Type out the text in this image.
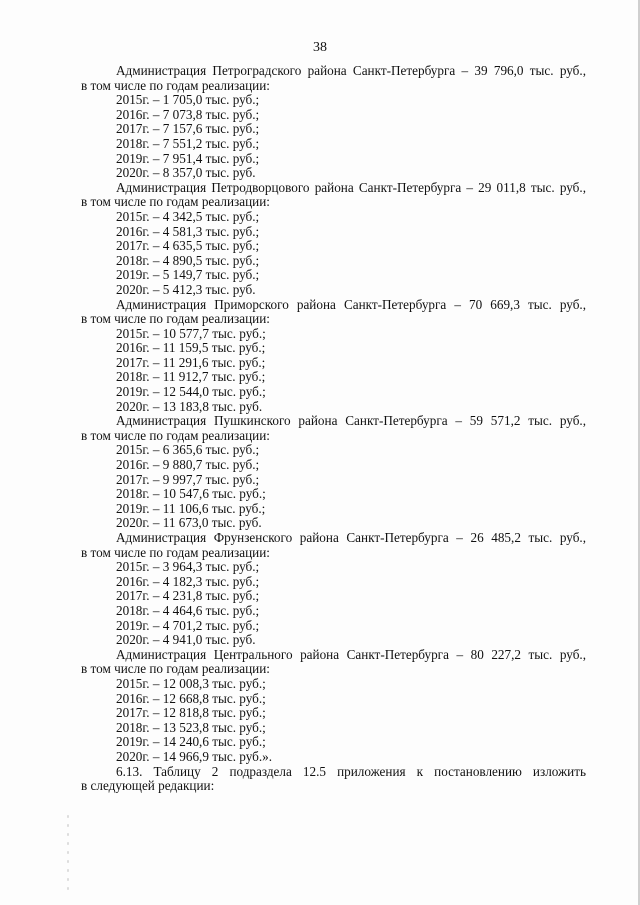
38
Администрация Петроградского района Санкт-Петербурга – 39 796,0 тыс. руб.,
в том числе по годам реализации:
2015г. – 1 705,0 тыс. руб.;
2016г. – 7 073,8 тыс. руб.;
2017г. – 7 157,6 тыс. руб.;
2018г. – 7 551,2 тыс. руб.;
2019г. – 7 951,4 тыс. руб.;
2020г. – 8 357,0 тыс. руб.
Администрация Петродворцового района Санкт-Петербурга – 29 011,8 тыс. руб.,
в том числе по годам реализации:
2015г. – 4 342,5 тыс. руб.;
2016г. – 4 581,3 тыс. руб.;
2017г. – 4 635,5 тыс. руб.;
2018г. – 4 890,5 тыс. руб.;
2019г. – 5 149,7 тыс. руб.;
2020г. – 5 412,3 тыс. руб.
Администрация Приморского района Санкт-Петербурга – 70 669,3 тыс. руб.,
в том числе по годам реализации:
2015г. – 10 577,7 тыс. руб.;
2016г. – 11 159,5 тыс. руб.;
2017г. – 11 291,6 тыс. руб.;
2018г. – 11 912,7 тыс. руб.;
2019г. – 12 544,0 тыс. руб.;
2020г. – 13 183,8 тыс. руб.
Администрация Пушкинского района Санкт-Петербурга – 59 571,2 тыс. руб.,
в том числе по годам реализации:
2015г. – 6 365,6 тыс. руб.;
2016г. – 9 880,7 тыс. руб.;
2017г. – 9 997,7 тыс. руб.;
2018г. – 10 547,6 тыс. руб.;
2019г. – 11 106,6 тыс. руб.;
2020г. – 11 673,0 тыс. руб.
Администрация Фрунзенского района Санкт-Петербурга – 26 485,2 тыс. руб.,
в том числе по годам реализации:
2015г. – 3 964,3 тыс. руб.;
2016г. – 4 182,3 тыс. руб.;
2017г. – 4 231,8 тыс. руб.;
2018г. – 4 464,6 тыс. руб.;
2019г. – 4 701,2 тыс. руб.;
2020г. – 4 941,0 тыс. руб.
Администрация Центрального района Санкт-Петербурга – 80 227,2 тыс. руб.,
в том числе по годам реализации:
2015г. – 12 008,3 тыс. руб.;
2016г. – 12 668,8 тыс. руб.;
2017г. – 12 818,8 тыс. руб.;
2018г. – 13 523,8 тыс. руб.;
2019г. – 14 240,6 тыс. руб.;
2020г. – 14 966,9 тыс. руб.».
6.13. Таблицу 2 подраздела 12.5 приложения к постановлению изложить
в следующей редакции:
